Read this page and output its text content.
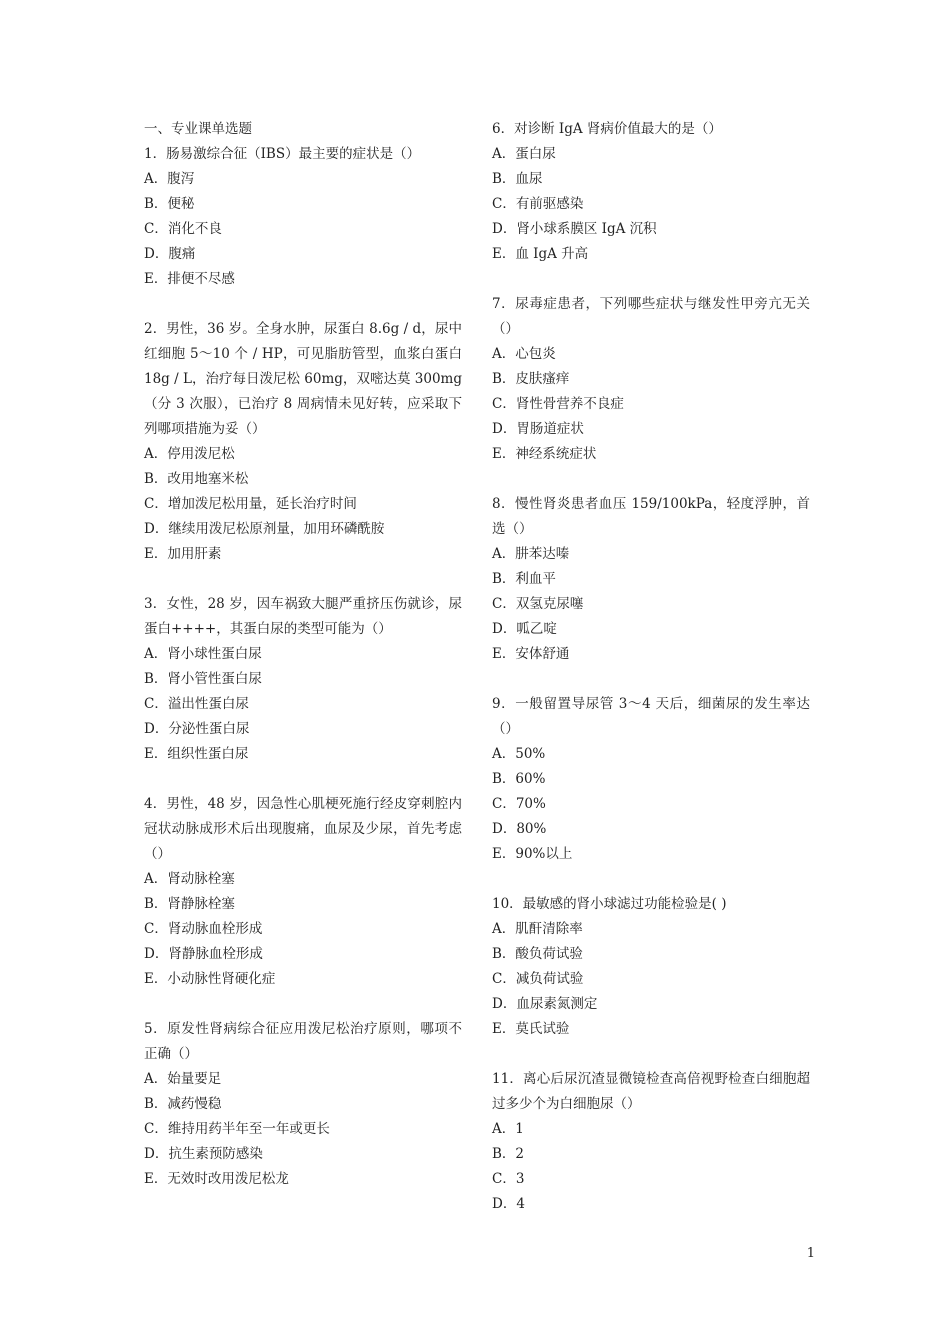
一、专业课单选题
1．肠易激综合征（IBS）最主要的症状是（）
A．腹泻
B．便秘
C．消化不良
D．腹痛
E．排便不尽感
2．男性，36 岁。全身水肿，尿蛋白 8.6g / d，尿中红细胞 5～10 个 / HP，可见脂肪管型，血浆白蛋白 18g / L，治疗每日泼尼松 60mg，双嘧达莫 300mg（分 3 次服），已治疗 8 周病情未见好转，应采取下列哪项措施为妥（）
A．停用泼尼松
B．改用地塞米松
C．增加泼尼松用量，延长治疗时间
D．继续用泼尼松原剂量，加用环磷酰胺
E．加用肝素
3．女性，28 岁，因车祸致大腿严重挤压伤就诊，尿蛋白++++，其蛋白尿的类型可能为（）
A．肾小球性蛋白尿
B．肾小管性蛋白尿
C．溢出性蛋白尿
D．分泌性蛋白尿
E．组织性蛋白尿
4．男性，48 岁，因急性心肌梗死施行经皮穿刺腔内冠状动脉成形术后出现腹痛，血尿及少尿，首先考虑（）
A．肾动脉栓塞
B．肾静脉栓塞
C．肾动脉血栓形成
D．肾静脉血栓形成
E．小动脉性肾硬化症
5．原发性肾病综合征应用泼尼松治疗原则，哪项不正确（）
A．始量要足
B．减药慢稳
C．维持用药半年至一年或更长
D．抗生素预防感染
E．无效时改用泼尼松龙
6．对诊断 IgA 肾病价值最大的是（）
A．蛋白尿
B．血尿
C．有前驱感染
D．肾小球系膜区 IgA 沉积
E．血 IgA 升高
7．尿毒症患者，下列哪些症状与继发性甲旁亢无关（）
A．心包炎
B．皮肤瘙痒
C．肾性骨营养不良症
D．胃肠道症状
E．神经系统症状
8．慢性肾炎患者血压 159/100kPa，轻度浮肿，首选（）
A．肼苯达嗪
B．利血平
C．双氢克尿噻
D．呱乙啶
E．安体舒通
9．一般留置导尿管 3～4 天后，细菌尿的发生率达（）
A．50%
B．60%
C．70%
D．80%
E．90%以上
10．最敏感的肾小球滤过功能检验是( )
A．肌酐清除率
B．酸负荷试验
C．减负荷试验
D．血尿素氮测定
E．莫氏试验
11．离心后尿沉渣显微镜检查高倍视野检查白细胞超过多少个为白细胞尿（）
A．1
B．2
C．3
D．4
1
